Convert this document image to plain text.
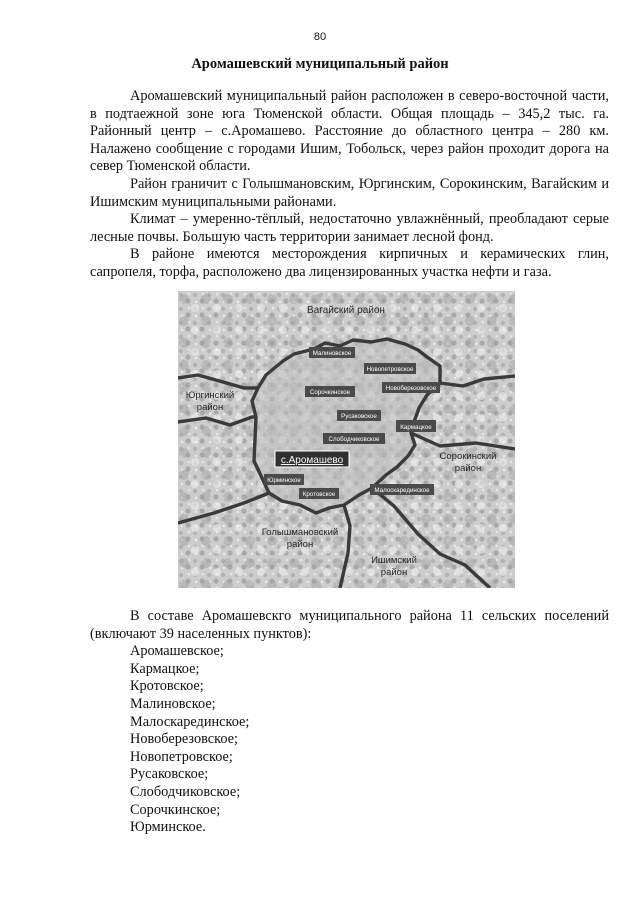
80
Аромашевский муниципальный район

Аромашевский муниципальный район расположен в северо-восточной части, в подтаежной зоне юга Тюменской области. Общая площадь – 345,2 тыс. га. Районный центр – с.Аромашево. Расстояние до областного центра – 280 км. Налажено сообщение с городами Ишим, Тобольск, через район проходит дорога на север Тюменской области.

Район граничит с Голышмановским, Юргинским, Сорокинским, Вагайским и Ишимским муниципальными районами.

Климат – умеренно-тёплый, недостаточно увлажнённый, преобладают серые лесные почвы. Большую часть территории занимает лесной фонд.

В районе имеются месторождения кирпичных и керамических глин, сапропеля, торфа, расположено два лицензированных участка нефти и газа.

Вагайский район
Юргинский
район
Сорокинский
район
Голышмановский
район
Ишимский
район
Малиновское
Новопетровское
Сорочкинское
Новоберезовское
Русаковское
Кармацкое
Слободчиковское
с.Аромашево
Юрминское
Кротовское
Малоскарединское

В составе Аромашевскго муниципального района 11 сельских поселений (включают 39 населенных пунктов):

Аромашевское;
Кармацкое;
Кротовское;
Малиновское;
Малоскарединское;
Новоберезовское;
Новопетровское;
Русаковское;
Слободчиковское;
Сорочкинское;
Юрминское.
